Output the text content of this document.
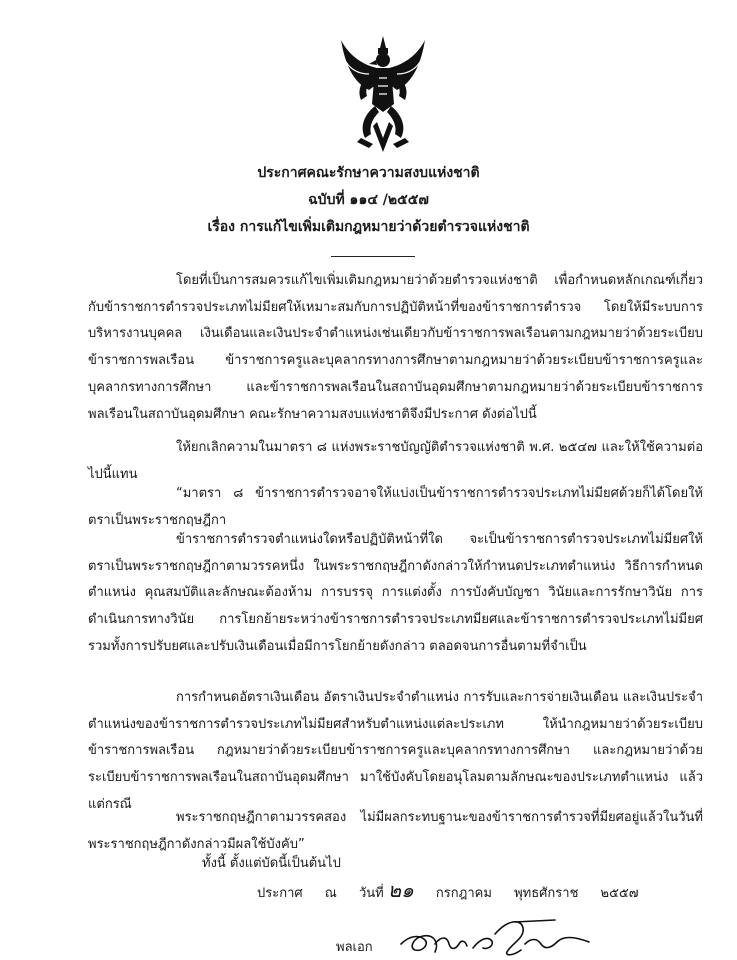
ประกาศคณะรักษาความสงบแห่งชาติ
ฉบับที่ ๑๑๔ /๒๕๕๗
เรื่อง การแก้ไขเพิ่มเติมกฎหมายว่าด้วยตำรวจแห่งชาติ

โดยที่เป็นการสมควรแก้ไขเพิ่มเติมกฎหมายว่าด้วยตำรวจแห่งชาติ เพื่อกำหนดหลักเกณฑ์เกี่ยวกับข้าราชการตำรวจประเภทไม่มียศให้เหมาะสมกับการปฏิบัติหน้าที่ของข้าราชการตำรวจ โดยให้มีระบบการบริหารงานบุคคล เงินเดือนและเงินประจำตำแหน่งเช่นเดียวกับข้าราชการพลเรือนตามกฎหมายว่าด้วยระเบียบข้าราชการพลเรือน ข้าราชการครูและบุคลากรทางการศึกษาตามกฎหมายว่าด้วยระเบียบข้าราชการครูและบุคลากรทางการศึกษา และข้าราชการพลเรือนในสถาบันอุดมศึกษาตามกฎหมายว่าด้วยระเบียบข้าราชการพลเรือนในสถาบันอุดมศึกษา คณะรักษาความสงบแห่งชาติจึงมีประกาศ ดังต่อไปนี้

ให้ยกเลิกความในมาตรา ๘ แห่งพระราชบัญญัติตำรวจแห่งชาติ พ.ศ. ๒๕๔๗ และให้ใช้ความต่อไปนี้แทน

“มาตรา ๘ ข้าราชการตำรวจอาจให้แบ่งเป็นข้าราชการตำรวจประเภทไม่มียศด้วยก็ได้โดยให้ตราเป็นพระราชกฤษฎีกา

ข้าราชการตำรวจตำแหน่งใดหรือปฏิบัติหน้าที่ใด จะเป็นข้าราชการตำรวจประเภทไม่มียศให้ตราเป็นพระราชกฤษฎีกาตามวรรคหนึ่ง ในพระราชกฤษฎีกาดังกล่าวให้กำหนดประเภทตำแหน่ง วิธีการกำหนดตำแหน่ง คุณสมบัติและลักษณะต้องห้าม การบรรจุ การแต่งตั้ง การบังคับบัญชา วินัยและการรักษาวินัย การดำเนินการทางวินัย การโยกย้ายระหว่างข้าราชการตำรวจประเภทมียศและข้าราชการตำรวจประเภทไม่มียศ รวมทั้งการปรับยศและปรับเงินเดือนเมื่อมีการโยกย้ายดังกล่าว ตลอดจนการอื่นตามที่จำเป็น

การกำหนดอัตราเงินเดือน อัตราเงินประจำตำแหน่ง การรับและการจ่ายเงินเดือน และเงินประจำตำแหน่งของข้าราชการตำรวจประเภทไม่มียศสำหรับตำแหน่งแต่ละประเภท ให้นำกฎหมายว่าด้วยระเบียบข้าราชการพลเรือน กฎหมายว่าด้วยระเบียบข้าราชการครูและบุคลากรทางการศึกษา และกฎหมายว่าด้วยระเบียบข้าราชการพลเรือนในสถาบันอุดมศึกษา มาใช้บังคับโดยอนุโลมตามลักษณะของประเภทตำแหน่ง แล้วแต่กรณี

พระราชกฤษฎีกาตามวรรคสอง ไม่มีผลกระทบฐานะของข้าราชการตำรวจที่มียศอยู่แล้วในวันที่พระราชกฤษฎีกาดังกล่าวมีผลใช้บังคับ”

ทั้งนี้ ตั้งแต่บัดนี้เป็นต้นไป
ประกาศ ณ วันที่ ๒๑ กรกฎาคม พุทธศักราช ๒๕๕๗
พลเอก
